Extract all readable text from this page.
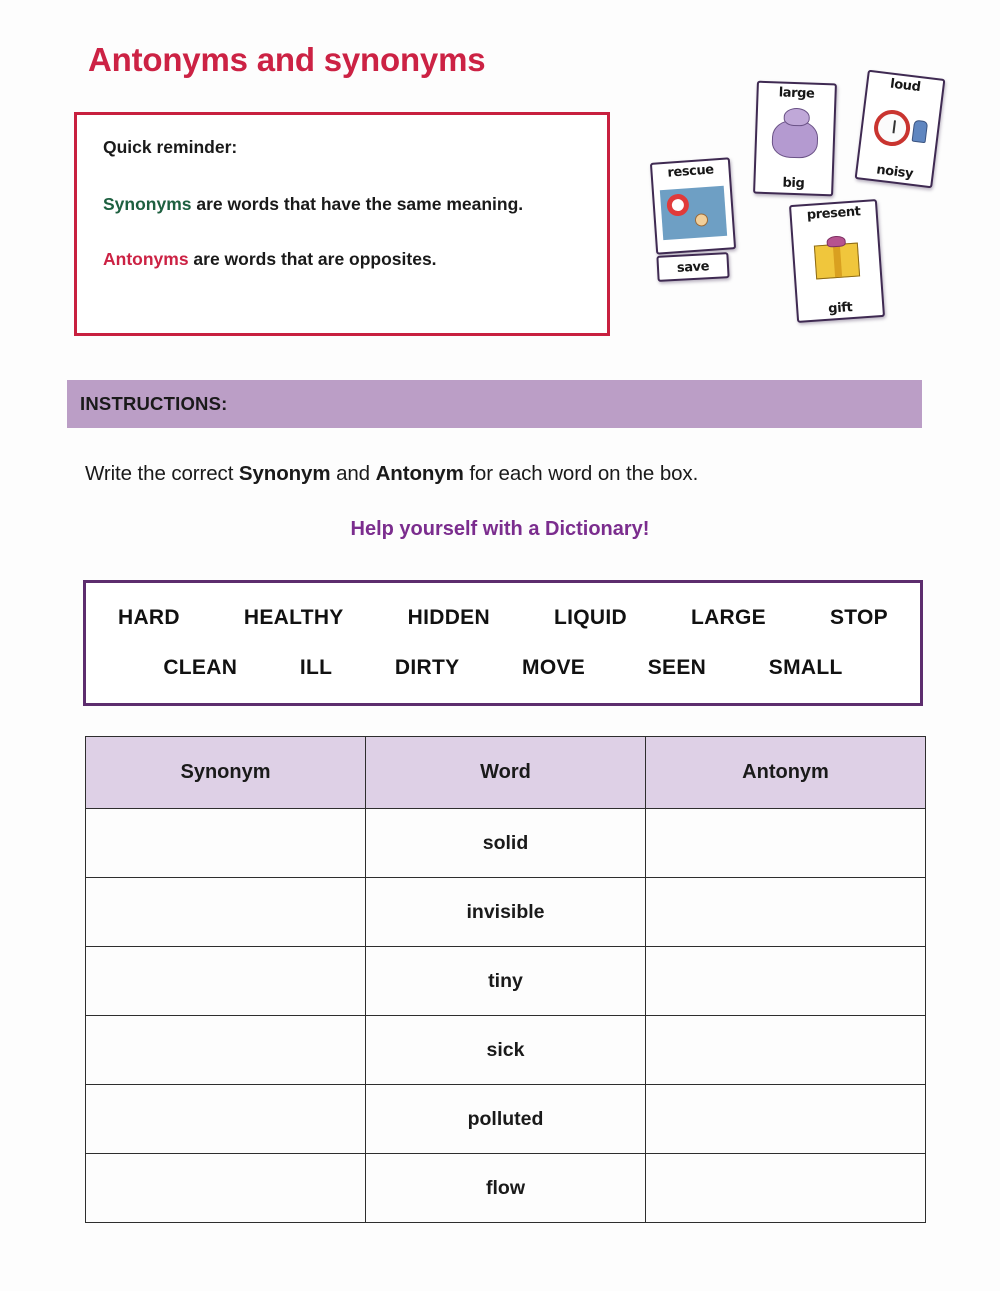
Antonyms and synonyms
Quick reminder:
Synonyms are words that have the same meaning.
Antonyms are words that are opposites.
rescue
save
large
big
loud
noisy
present
gift
INSTRUCTIONS:
Write the correct Synonym and Antonym for each word on the box.
Help yourself with a Dictionary!
HARD	HEALTHY	HIDDEN	LIQUID	LARGE	STOP
CLEAN	ILL	DIRTY	MOVE	SEEN	SMALL
Synonym	Word	Antonym
	solid	
	invisible	
	tiny	
	sick	
	polluted	
	flow	
